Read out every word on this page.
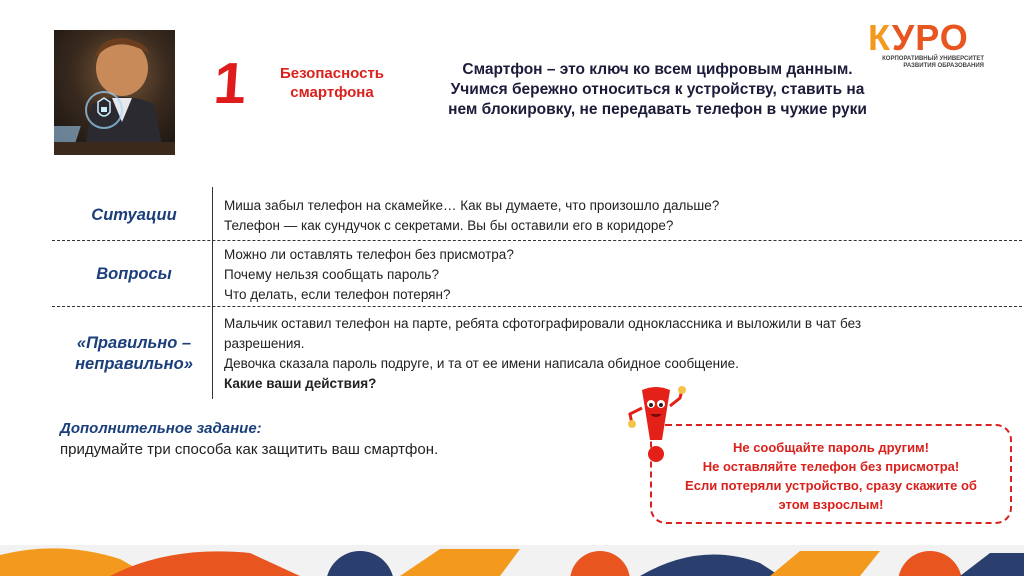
1	Безопасность
смартфона
Смартфон – это ключ ко всем цифровым данным.
Учимся бережно относиться к устройству, ставить на
нем блокировку, не передавать телефон в чужие руки
КУРО
КОРПОРАТИВНЫЙ УНИВЕРСИТЕТ
РАЗВИТИЯ ОБРАЗОВАНИЯ
Ситуации
Миша забыл телефон на скамейке… Как вы думаете, что произошло дальше?
Телефон — как сундучок с секретами. Вы бы оставили его в коридоре?
Вопросы
Можно ли оставлять телефон без присмотра?
Почему нельзя сообщать пароль?
Что делать, если телефон потерян?
«Правильно –
неправильно»
Мальчик оставил телефон на парте, ребята сфотографировали одноклассника и выложили в чат без
разрешения.
Девочка сказала пароль подруге, и та от ее имени написала обидное сообщение.
Какие ваши действия?
Дополнительное задание:
придумайте три способа как защитить ваш смартфон.	Не сообщайте пароль другим!
Не оставляйте телефон без присмотра!
Если потеряли устройство, сразу скажите об
этом взрослым!
